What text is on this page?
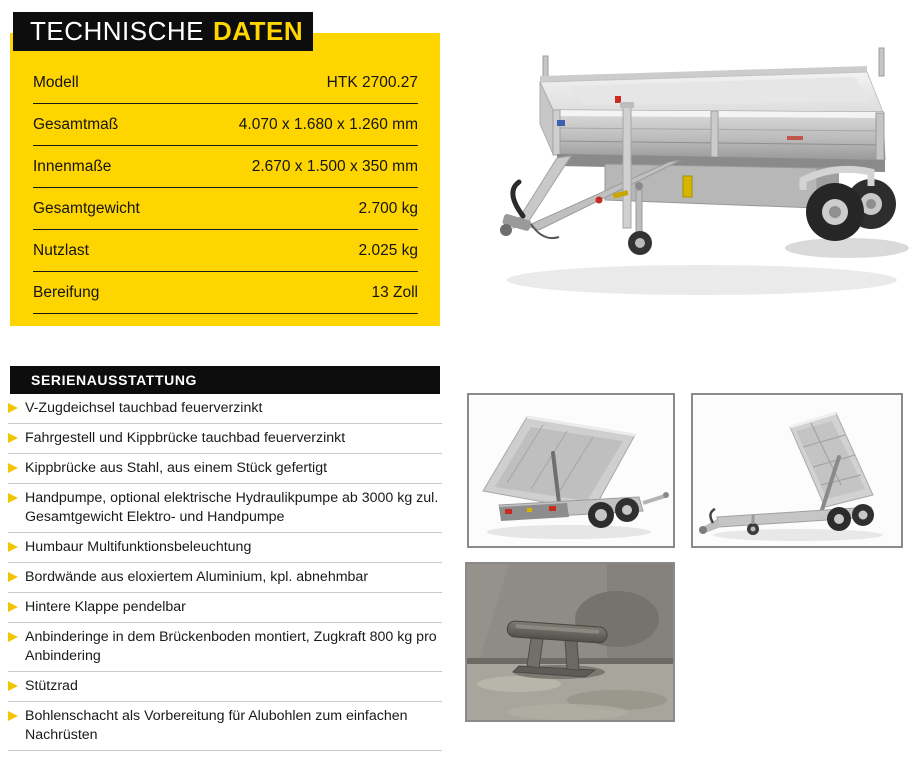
Modell	HTK 2700.27
Gesamtmaß	4.070 x 1.680 x 1.260 mm
Innenmaße	2.670 x 1.500 x 350 mm
Gesamtgewicht	2.700 kg
Nutzlast	2.025 kg
Bereifung	13 Zoll
TECHNISCHE DATEN
SERIENAUSSTATTUNG
V-Zugdeichsel tauchbad feuerverzinkt
Fahrgestell und Kippbrücke tauchbad feuerverzinkt
Kippbrücke aus Stahl, aus einem Stück gefertigt
Handpumpe, optional elektrische Hydraulikpumpe ab 3000 kg zul. Gesamtgewicht Elektro- und Handpumpe
Humbaur Multifunktionsbeleuchtung
Bordwände aus eloxiertem Aluminium, kpl. abnehmbar
Hintere Klappe pendelbar
Anbinderinge in dem Brückenboden montiert, Zugkraft 800 kg pro Anbindering
Stützrad
Bohlenschacht als Vorbereitung für Alubohlen zum einfachen Nachrüsten
